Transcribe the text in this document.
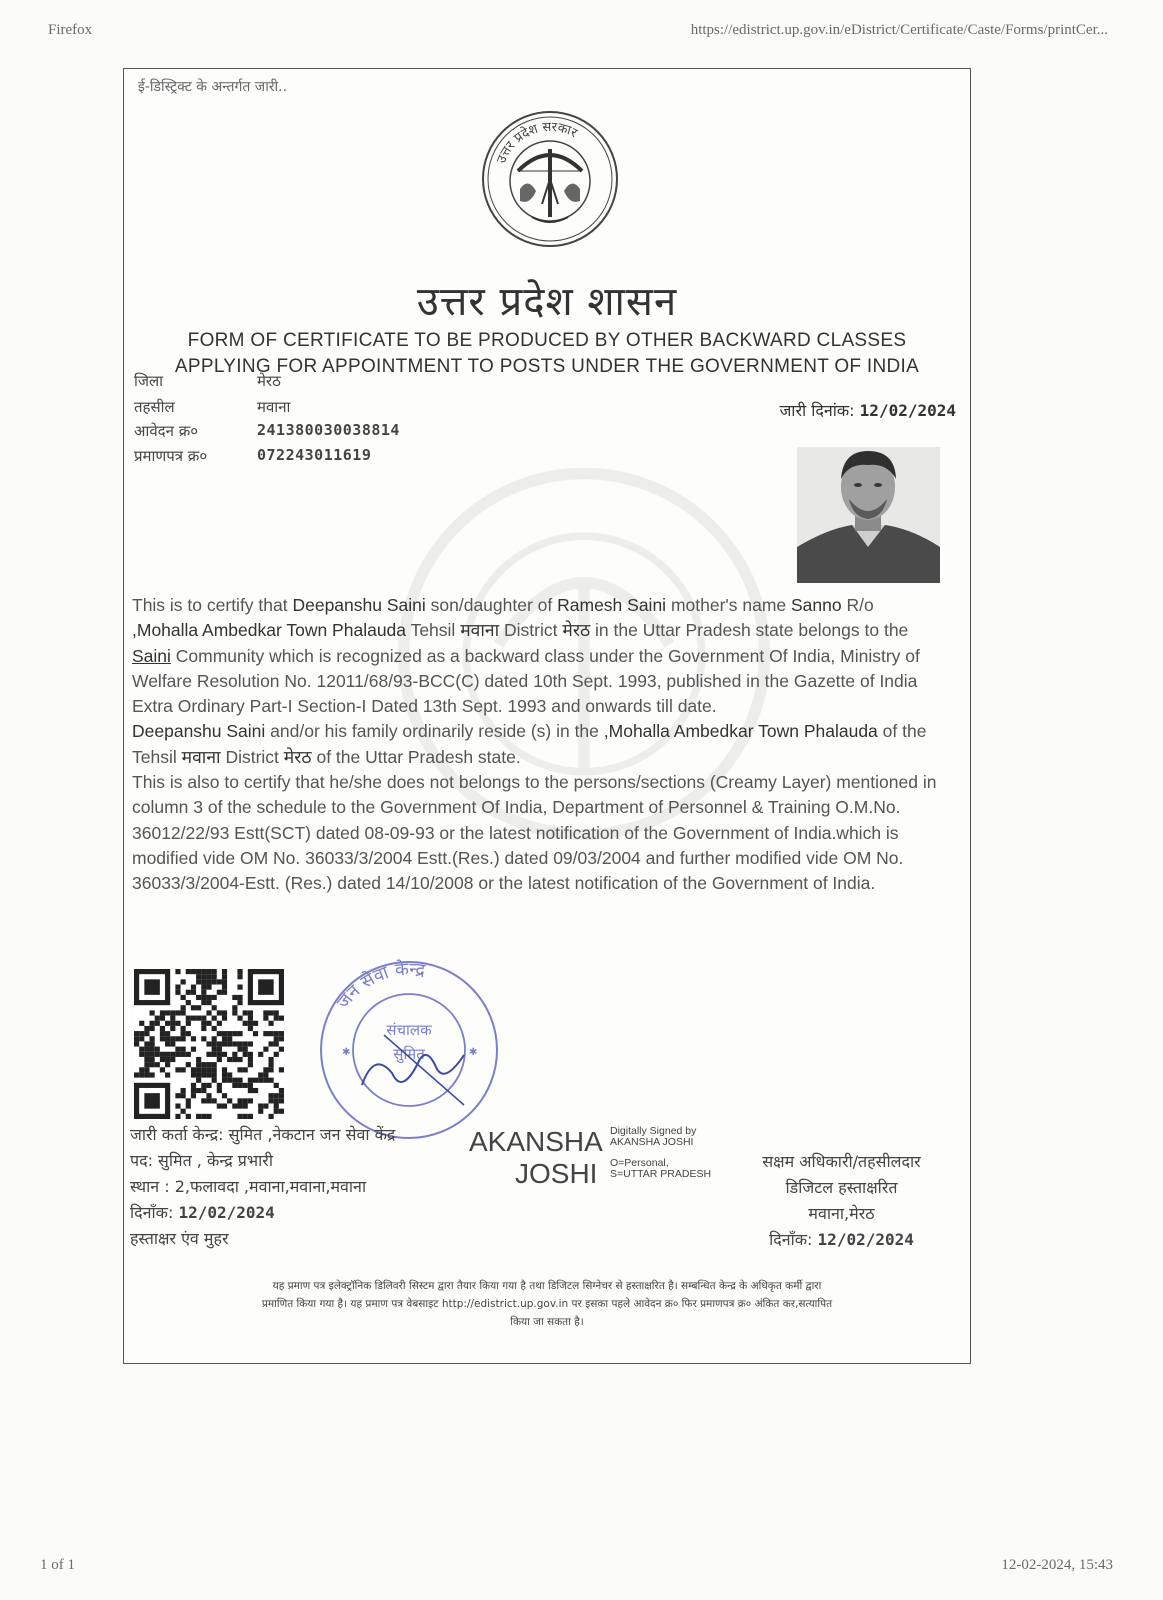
Firefox	https://edistrict.up.gov.in/eDistrict/Certificate/Caste/Forms/printCer...
ई-डिस्ट्रिक्ट के अन्तर्गत जारी..
उत्तर प्रदेश सरकार
उत्तर प्रदेश शासन
FORM OF CERTIFICATE TO BE PRODUCED BY OTHER BACKWARD CLASSES
APPLYING FOR APPOINTMENT TO POSTS UNDER THE GOVERNMENT OF INDIA
जिला	मेरठ
तहसील	मवाना
आवेदन क्र०	241380030038814
प्रमाणपत्र क्र०	072243011619
जारी दिनांक: 12/02/2024

This is to certify that Deepanshu Saini son/daughter of Ramesh Saini mother's name Sanno R/o ,Mohalla Ambedkar Town Phalauda Tehsil मवाना District मेरठ in the Uttar Pradesh state belongs to the Saini Community which is recognized as a backward class under the Government Of India, Ministry of Welfare Resolution No. 12011/68/93-BCC(C) dated 10th Sept. 1993, published in the Gazette of India Extra Ordinary Part-I Section-I Dated 13th Sept. 1993 and onwards till date.

Deepanshu Saini and/or his family ordinarily reside (s) in the ,Mohalla Ambedkar Town Phalauda of the Tehsil मवाना District मेरठ of the Uttar Pradesh state.

This is also to certify that he/she does not belongs to the persons/sections (Creamy Layer) mentioned in column 3 of the schedule to the Government Of India, Department of Personnel & Training O.M.No. 36012/22/93 Estt(SCT) dated 08-09-93 or the latest notification of the Government of India.which is modified vide OM No. 36033/3/2004 Estt.(Res.) dated 09/03/2004 and further modified vide OM No. 36033/3/2004-Estt. (Res.) dated 14/10/2008 or the latest notification of the Government of India.

जन सेवा केन्द्र
संचालक
सुमित
✱	✱
जारी कर्ता केन्द्र: सुमित ,नेकटान जन सेवा केंद्र
पद: सुमित , केन्द्र प्रभारी
स्थान : 2,फलावदा ,मवाना,मवाना,मवाना
दिनाँक: 12/02/2024
हस्ताक्षर एंव मुहर
AKANSHA
JOSHI
Digitally Signed by
AKANSHA JOSHI
O=Personal,
S=UTTAR PRADESH
सक्षम अधिकारी/तहसीलदार
डिजिटल हस्ताक्षरित
मवाना,मेरठ
दिनाँक: 12/02/2024
यह प्रमाण पत्र इलेक्ट्रॉनिक डिलिवरी सिस्टम द्वारा तैयार किया गया है तथा डिजिटल सिग्नेचर से हस्ताक्षरित है। सम्बन्धित केन्द्र के अधिकृत कर्मी द्वारा
प्रमाणित किया गया है। यह प्रमाण पत्र वेबसाइट http://edistrict.up.gov.in पर इसका पहले आवेदन क्र० फिर प्रमाणपत्र क्र० अंकित कर,सत्यापित
किया जा सकता है।
1 of 1	12-02-2024, 15:43
